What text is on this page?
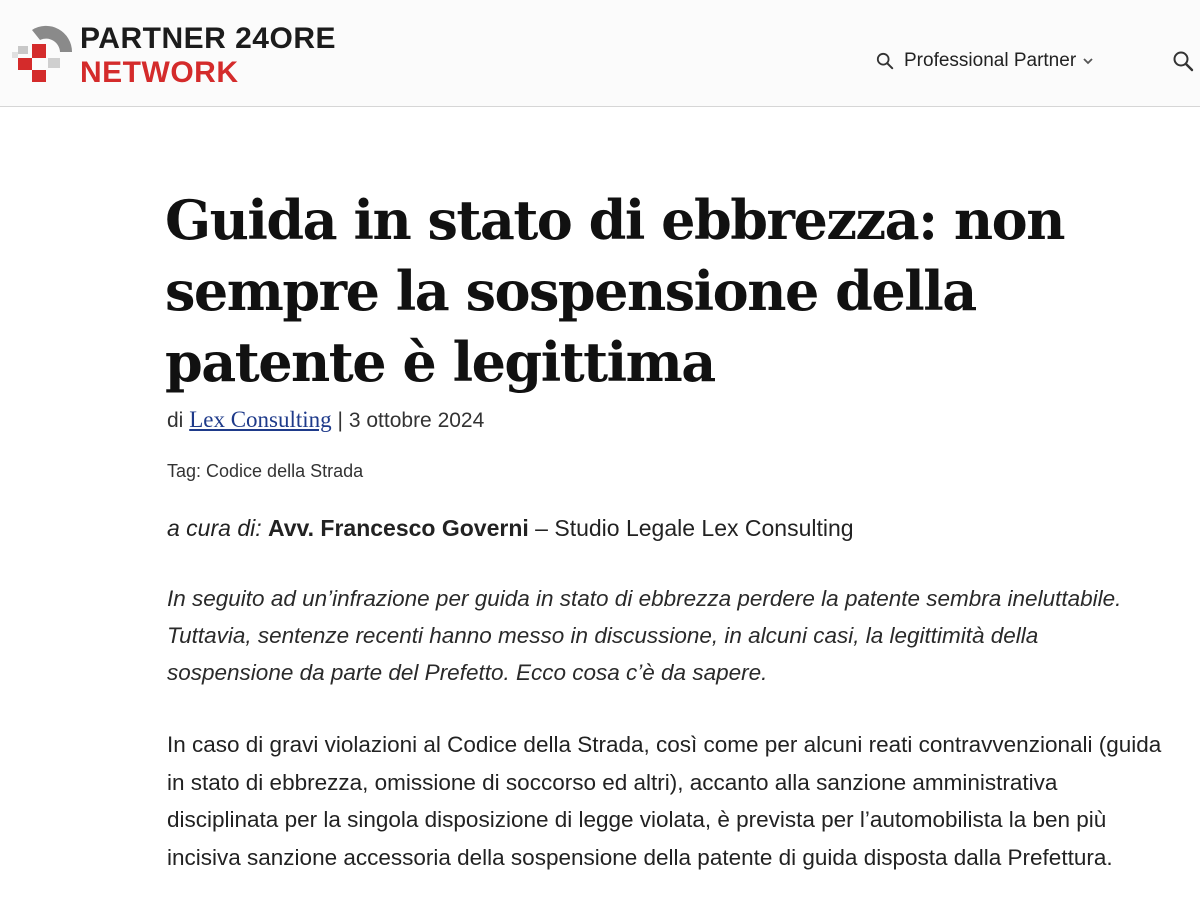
PARTNER 24ORE
NETWORK	Professional Partner
Guida in stato di ebbrezza: non sempre la sospensione della patente è legittima
di Lex Consulting | 3 ottobre 2024
Tag: Codice della Strada
a cura di: Avv. Francesco Governi – Studio Legale Lex Consulting

In seguito ad un’infrazione per guida in stato di ebbrezza perdere la patente sembra ineluttabile. Tuttavia, sentenze recenti hanno messo in discussione, in alcuni casi, la legittimità della sospensione da parte del Prefetto. Ecco cosa c’è da sapere.

In caso di gravi violazioni al Codice della Strada, così come per alcuni reati contravvenzionali (guida in stato di ebbrezza, omissione di soccorso ed altri), accanto alla sanzione amministrativa disciplinata per la singola disposizione di legge violata, è prevista per l’automobilista la ben più incisiva sanzione accessoria della sospensione della patente di guida disposta dalla Prefettura.
